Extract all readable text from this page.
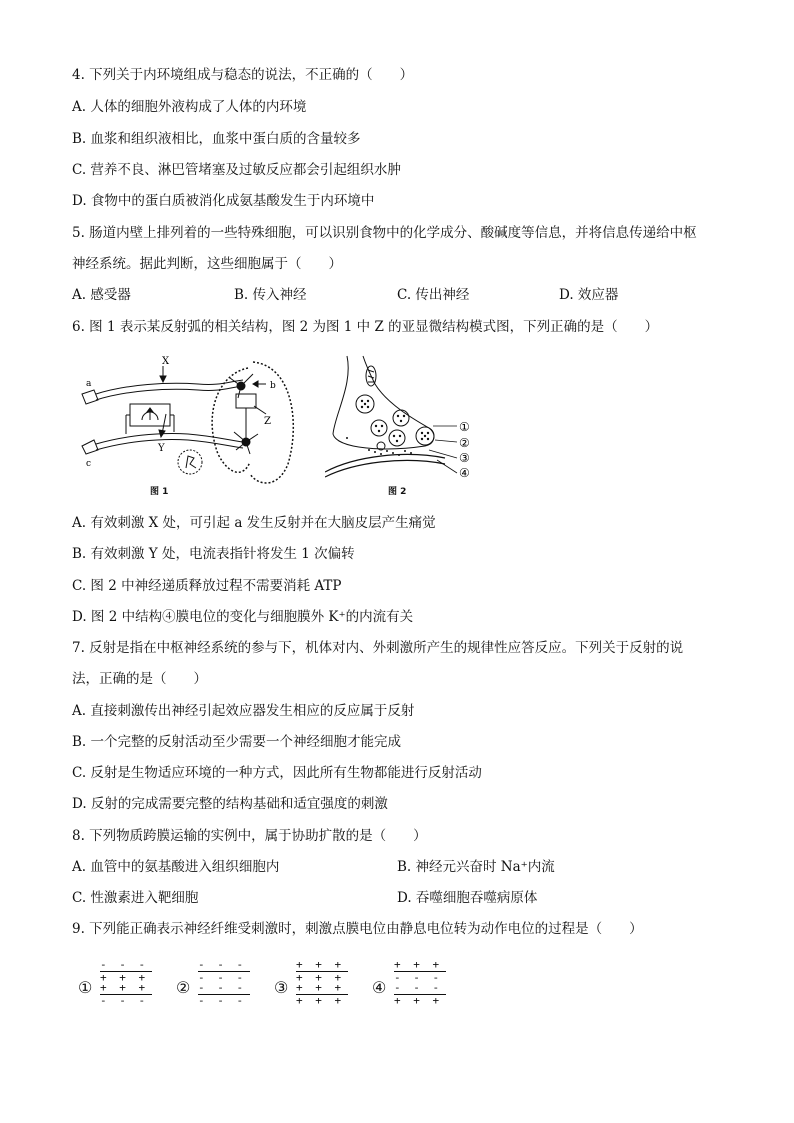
4. 下列关于内环境组成与稳态的说法，不正确的（　　）
A. 人体的细胞外液构成了人体的内环境
B. 血浆和组织液相比，血浆中蛋白质的含量较多
C. 营养不良、淋巴管堵塞及过敏反应都会引起组织水肿
D. 食物中的蛋白质被消化成氨基酸发生于内环境中
5. 肠道内壁上排列着的一些特殊细胞，可以识别食物中的化学成分、酸碱度等信息，并将信息传递给中枢
神经系统。据此判断，这些细胞属于（　　）
A. 感受器	B. 传入神经	C. 传出神经	D. 效应器
6. 图 1 表示某反射弧的相关结构，图 2 为图 1 中 Z 的亚显微结构模式图，下列正确的是（　　）
X
Y
Z
a	b
c
图 1
①
②
③
④
图 2
A. 有效刺激 X 处，可引起 a 发生反射并在大脑皮层产生痛觉
B. 有效刺激 Y 处，电流表指针将发生 1 次偏转
C. 图 2 中神经递质释放过程不需要消耗 ATP
D. 图 2 中结构④膜电位的变化与细胞膜外 K⁺的内流有关
7. 反射是指在中枢神经系统的参与下，机体对内、外刺激所产生的规律性应答反应。下列关于反射的说
法，正确的是（　　）
A. 直接刺激传出神经引起效应器发生相应的反应属于反射
B. 一个完整的反射活动至少需要一个神经细胞才能完成
C. 反射是生物适应环境的一种方式，因此所有生物都能进行反射活动
D. 反射的完成需要完整的结构基础和适宜强度的刺激
8. 下列物质跨膜运输的实例中，属于协助扩散的是（　　）
A. 血管中的氨基酸进入组织细胞内	B. 神经元兴奋时 Na⁺内流
C. 性激素进入靶细胞	D. 吞噬细胞吞噬病原体
9. 下列能正确表示神经纤维受刺激时，刺激点膜电位由静息电位转为动作电位的过程是（　　）
①
- - -
+ + +
+ + +
- - -
②
- - -
- - -
- - -
- - -
③
+ + +
+ + +
+ + +
+ + +
④
+ + +
- - -
- - -
+ + +
